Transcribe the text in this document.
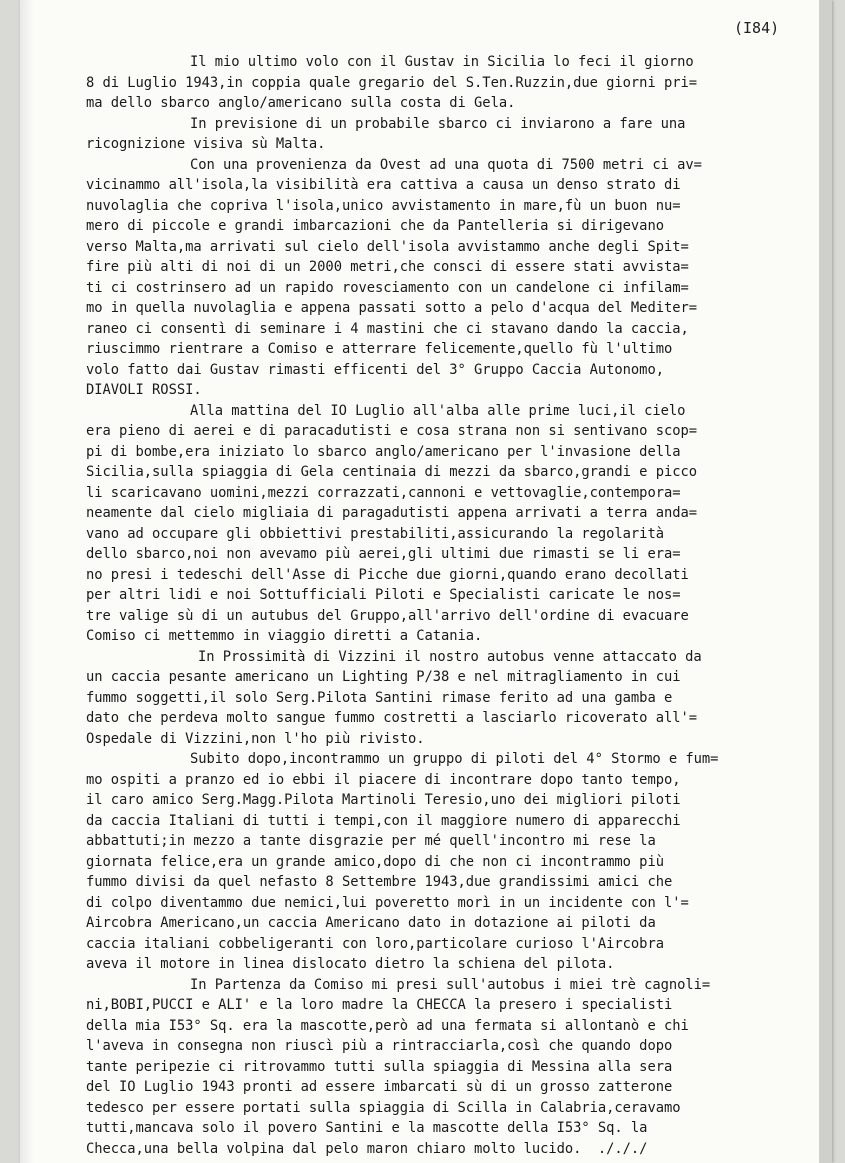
(I84)
Il mio ultimo volo con il Gustav in Sicilia lo feci il giorno
8 di Luglio 1943,in coppia quale gregario del S.Ten.Ruzzin,due giorni pri=
ma dello sbarco anglo/americano sulla costa di Gela.
In previsione di un probabile sbarco ci inviarono a fare una
ricognizione visiva sù Malta.
Con una provenienza da Ovest ad una quota di 7500 metri ci av=
vicinammo all'isola,la visibilità era cattiva a causa un denso strato di
nuvolaglia che copriva l'isola,unico avvistamento in mare,fù un buon nu=
mero di piccole e grandi imbarcazioni che da Pantelleria si dirigevano
verso Malta,ma arrivati sul cielo dell'isola avvistammo anche degli Spit=
fire più alti di noi di un 2000 metri,che consci di essere stati avvista=
ti ci costrinsero ad un rapido rovesciamento con un candelone ci infilam=
mo in quella nuvolaglia e appena passati sotto a pelo d'acqua del Mediter=
raneo ci consentì di seminare i 4 mastini che ci stavano dando la caccia,
riuscimmo rientrare a Comiso e atterrare felicemente,quello fù l'ultimo
volo fatto dai Gustav rimasti efficenti del 3° Gruppo Caccia Autonomo,
DIAVOLI ROSSI.
Alla mattina del IO Luglio all'alba alle prime luci,il cielo
era pieno di aerei e di paracadutisti e cosa strana non si sentivano scop=
pi di bombe,era iniziato lo sbarco anglo/americano per l'invasione della
Sicilia,sulla spiaggia di Gela centinaia di mezzi da sbarco,grandi e picco
li scaricavano uomini,mezzi corrazzati,cannoni e vettovaglie,contempora=
neamente dal cielo migliaia di paragadutisti appena arrivati a terra anda=
vano ad occupare gli obbiettivi prestabiliti,assicurando la regolarità
dello sbarco,noi non avevamo più aerei,gli ultimi due rimasti se li era=
no presi i tedeschi dell'Asse di Picche due giorni,quando erano decollati
per altri lidi e noi Sottufficiali Piloti e Specialisti caricate le nos=
tre valige sù di un autubus del Gruppo,all'arrivo dell'ordine di evacuare
Comiso ci mettemmo in viaggio diretti a Catania.
In Prossimità di Vizzini il nostro autobus venne attaccato da
un caccia pesante americano un Lighting P/38 e nel mitragliamento in cui
fummo soggetti,il solo Serg.Pilota Santini rimase ferito ad una gamba e
dato che perdeva molto sangue fummo costretti a lasciarlo ricoverato all'=
Ospedale di Vizzini,non l'ho più rivisto.
Subito dopo,incontrammo un gruppo di piloti del 4° Stormo e fum=
mo ospiti a pranzo ed io ebbi il piacere di incontrare dopo tanto tempo,
il caro amico Serg.Magg.Pilota Martinoli Teresio,uno dei migliori piloti
da caccia Italiani di tutti i tempi,con il maggiore numero di apparecchi
abbattuti;in mezzo a tante disgrazie per mé quell'incontro mi rese la
giornata felice,era un grande amico,dopo di che non ci incontrammo più
fummo divisi da quel nefasto 8 Settembre 1943,due grandissimi amici che
di colpo diventammo due nemici,lui poveretto morì in un incidente con l'=
Aircobra Americano,un caccia Americano dato in dotazione ai piloti da
caccia italiani cobbeligeranti con loro,particolare curioso l'Aircobra
aveva il motore in linea dislocato dietro la schiena del pilota.
In Partenza da Comiso mi presi sull'autobus i miei trè cagnoli=
ni,BOBI,PUCCI e ALI' e la loro madre la CHECCA la presero i specialisti
della mia I53° Sq. era la mascotte,però ad una fermata si allontanò e chi
l'aveva in consegna non riuscì più a rintracciarla,così che quando dopo
tante peripezie ci ritrovammo tutti sulla spiaggia di Messina alla sera
del IO Luglio 1943 pronti ad essere imbarcati sù di un grosso zatterone
tedesco per essere portati sulla spiaggia di Scilla in Calabria,ceravamo
tutti,mancava solo il povero Santini e la mascotte della I53° Sq. la
Checca,una bella volpina dal pelo maron chiaro molto lucido.  ./././
